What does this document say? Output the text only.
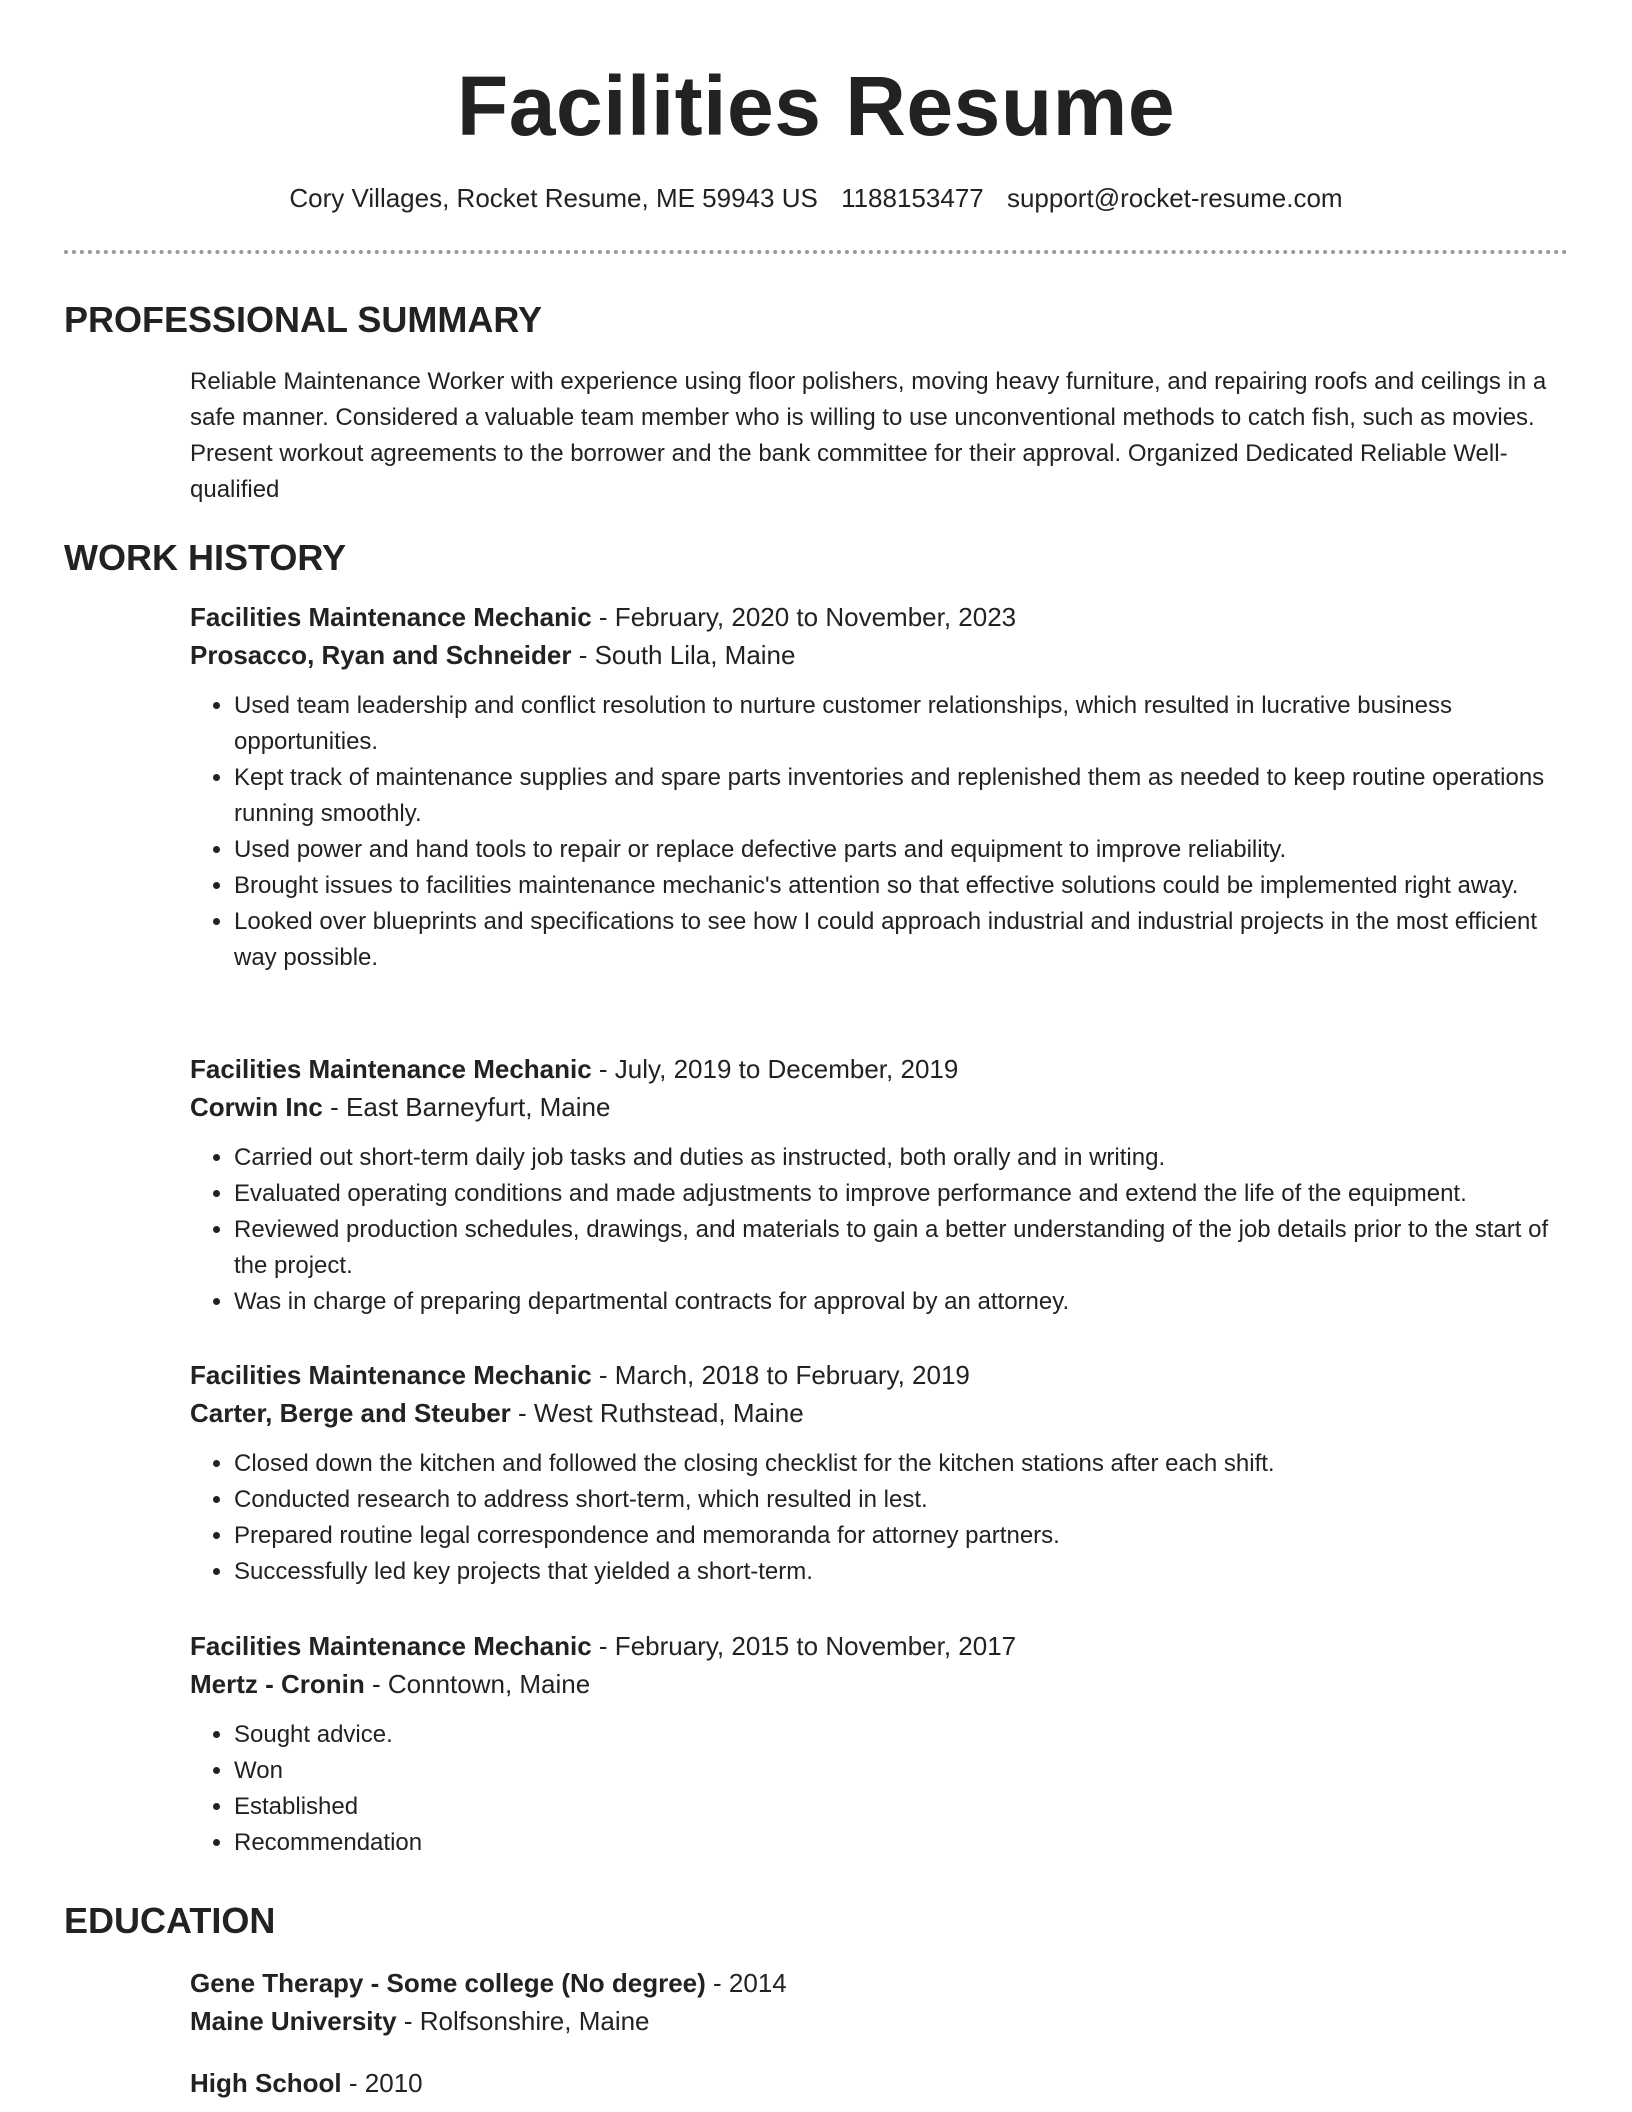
Facilities Resume
Cory Villages, Rocket Resume, ME 59943 US 1188153477 support@rocket-resume.com
PROFESSIONAL SUMMARY

Reliable Maintenance Worker with experience using floor polishers, moving heavy furniture, and repairing roofs and ceilings in a safe manner. Considered a valuable team member who is willing to use unconventional methods to catch fish, such as movies. Present workout agreements to the borrower and the bank committee for their approval. Organized Dedicated Reliable Well-qualified

WORK HISTORY
Facilities Maintenance Mechanic - February, 2020 to November, 2023
Prosacco, Ryan and Schneider - South Lila, Maine
• Used team leadership and conflict resolution to nurture customer relationships, which resulted in lucrative business opportunities.
• Kept track of maintenance supplies and spare parts inventories and replenished them as needed to keep routine operations running smoothly.
• Used power and hand tools to repair or replace defective parts and equipment to improve reliability.
• Brought issues to facilities maintenance mechanic's attention so that effective solutions could be implemented right away.
• Looked over blueprints and specifications to see how I could approach industrial and industrial projects in the most efficient way possible.
Facilities Maintenance Mechanic - July, 2019 to December, 2019
Corwin Inc - East Barneyfurt, Maine
• Carried out short-term daily job tasks and duties as instructed, both orally and in writing.
• Evaluated operating conditions and made adjustments to improve performance and extend the life of the equipment.
• Reviewed production schedules, drawings, and materials to gain a better understanding of the job details prior to the start of the project.
• Was in charge of preparing departmental contracts for approval by an attorney.
Facilities Maintenance Mechanic - March, 2018 to February, 2019
Carter, Berge and Steuber - West Ruthstead, Maine
• Closed down the kitchen and followed the closing checklist for the kitchen stations after each shift.
• Conducted research to address short-term, which resulted in lest.
• Prepared routine legal correspondence and memoranda for attorney partners.
• Successfully led key projects that yielded a short-term.
Facilities Maintenance Mechanic - February, 2015 to November, 2017
Mertz - Cronin - Conntown, Maine
• Sought advice.
• Won
• Established
• Recommendation
EDUCATION
Gene Therapy - Some college (No degree) - 2014
Maine University - Rolfsonshire, Maine
High School - 2010
